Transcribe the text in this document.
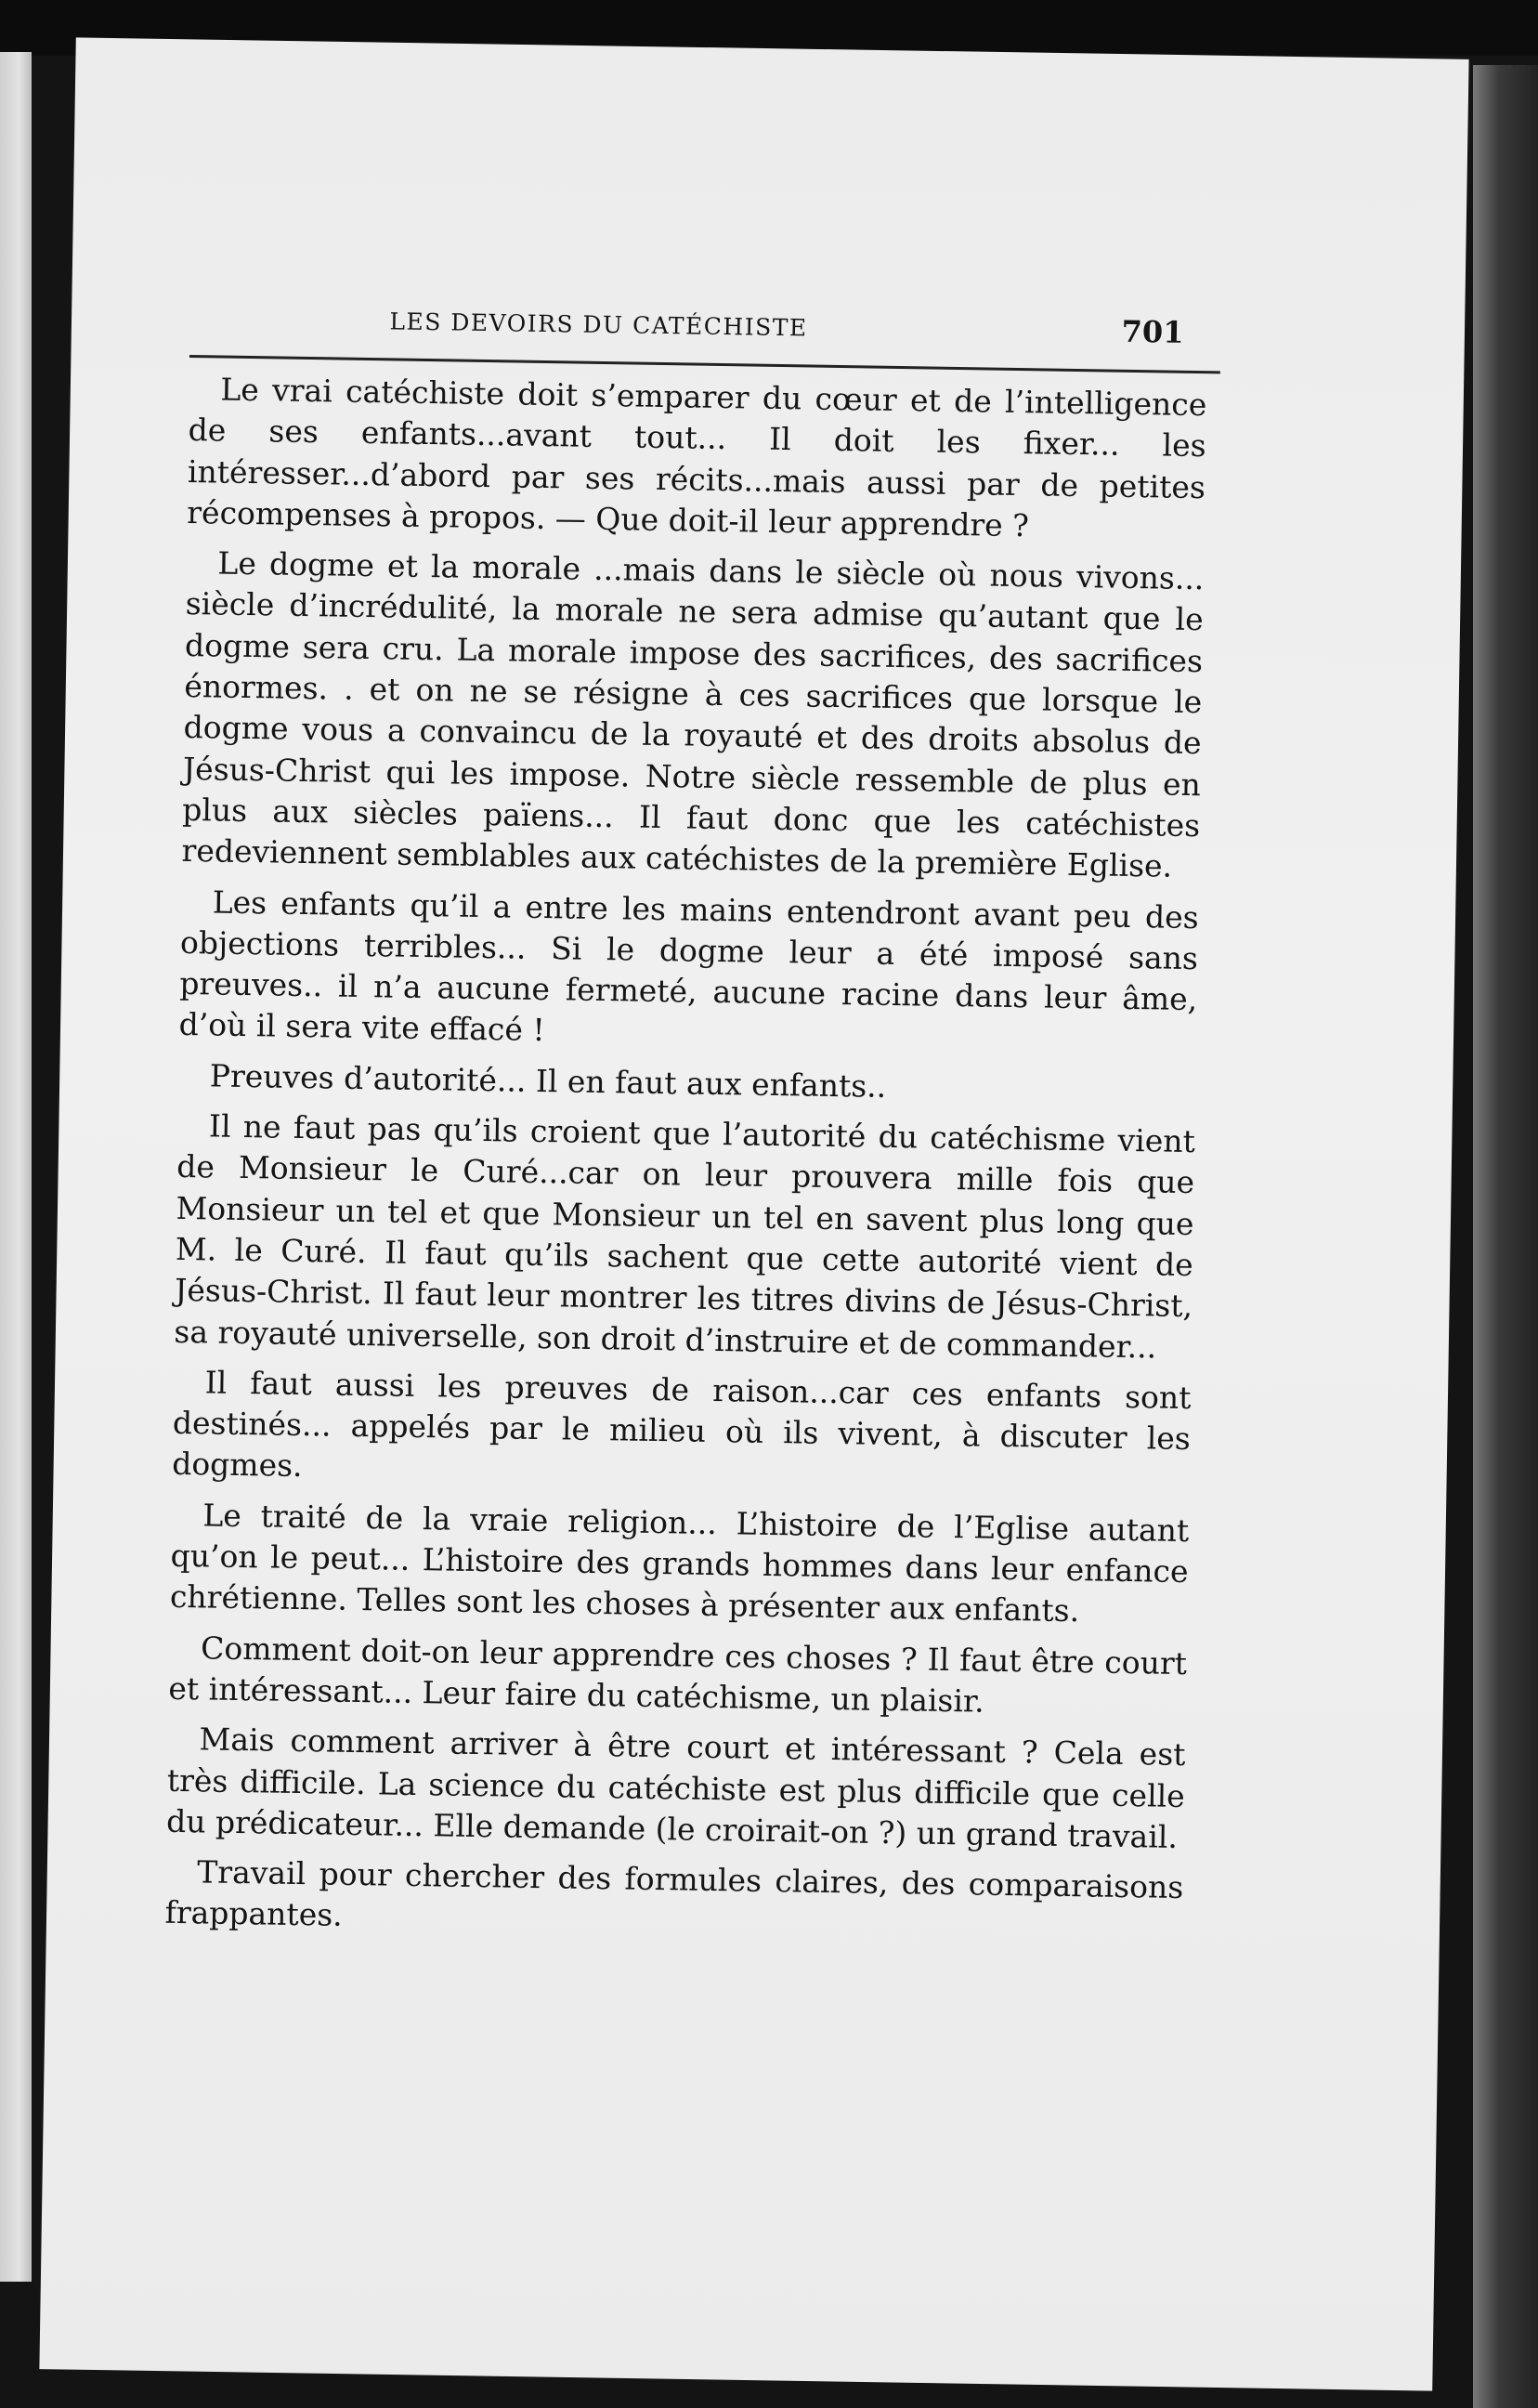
LES DEVOIRS DU CATÉCHISTE	701

Le vrai catéchiste doit s’emparer du cœur et de l’intelligence de ses enfants...avant tout... Il doit les fixer... les intéresser...d’abord par ses récits...mais aussi par de petites récompenses à propos. — Que doit-il leur apprendre ?

Le dogme et la morale ...mais dans le siècle où nous vivons... siècle d’incrédulité, la morale ne sera admise qu’autant que le dogme sera cru. La morale impose des sacrifices, des sacrifices énormes. . et on ne se résigne à ces sacrifices que lorsque le dogme vous a convaincu de la royauté et des droits absolus de Jésus-Christ qui les impose. Notre siècle ressemble de plus en plus aux siècles païens... Il faut donc que les catéchistes redeviennent semblables aux catéchistes de la première Eglise.

Les enfants qu’il a entre les mains entendront avant peu des objections terribles... Si le dogme leur a été imposé sans preuves.. il n’a aucune fermeté, aucune racine dans leur âme, d’où il sera vite effacé !

Preuves d’autorité... Il en faut aux enfants..

Il ne faut pas qu’ils croient que l’autorité du catéchisme vient de Monsieur le Curé...car on leur prouvera mille fois que Monsieur un tel et que Monsieur un tel en savent plus long que M. le Curé. Il faut qu’ils sachent que cette autorité vient de Jésus-Christ. Il faut leur montrer les titres divins de Jésus-Christ, sa royauté universelle, son droit d’instruire et de commander...

Il faut aussi les preuves de raison...car ces enfants sont destinés... appelés par le milieu où ils vivent, à discuter les dogmes.

Le traité de la vraie religion... L’histoire de l’Eglise autant qu’on le peut... L’histoire des grands hommes dans leur enfance chrétienne. Telles sont les choses à présenter aux enfants.

Comment doit-on leur apprendre ces choses ? Il faut être court et intéressant... Leur faire du catéchisme, un plaisir.

Mais comment arriver à être court et intéressant ? Cela est très difficile. La science du catéchiste est plus difficile que celle du prédicateur... Elle demande (le croirait-on ?) un grand travail.

Travail pour chercher des formules claires, des comparaisons frappantes.
